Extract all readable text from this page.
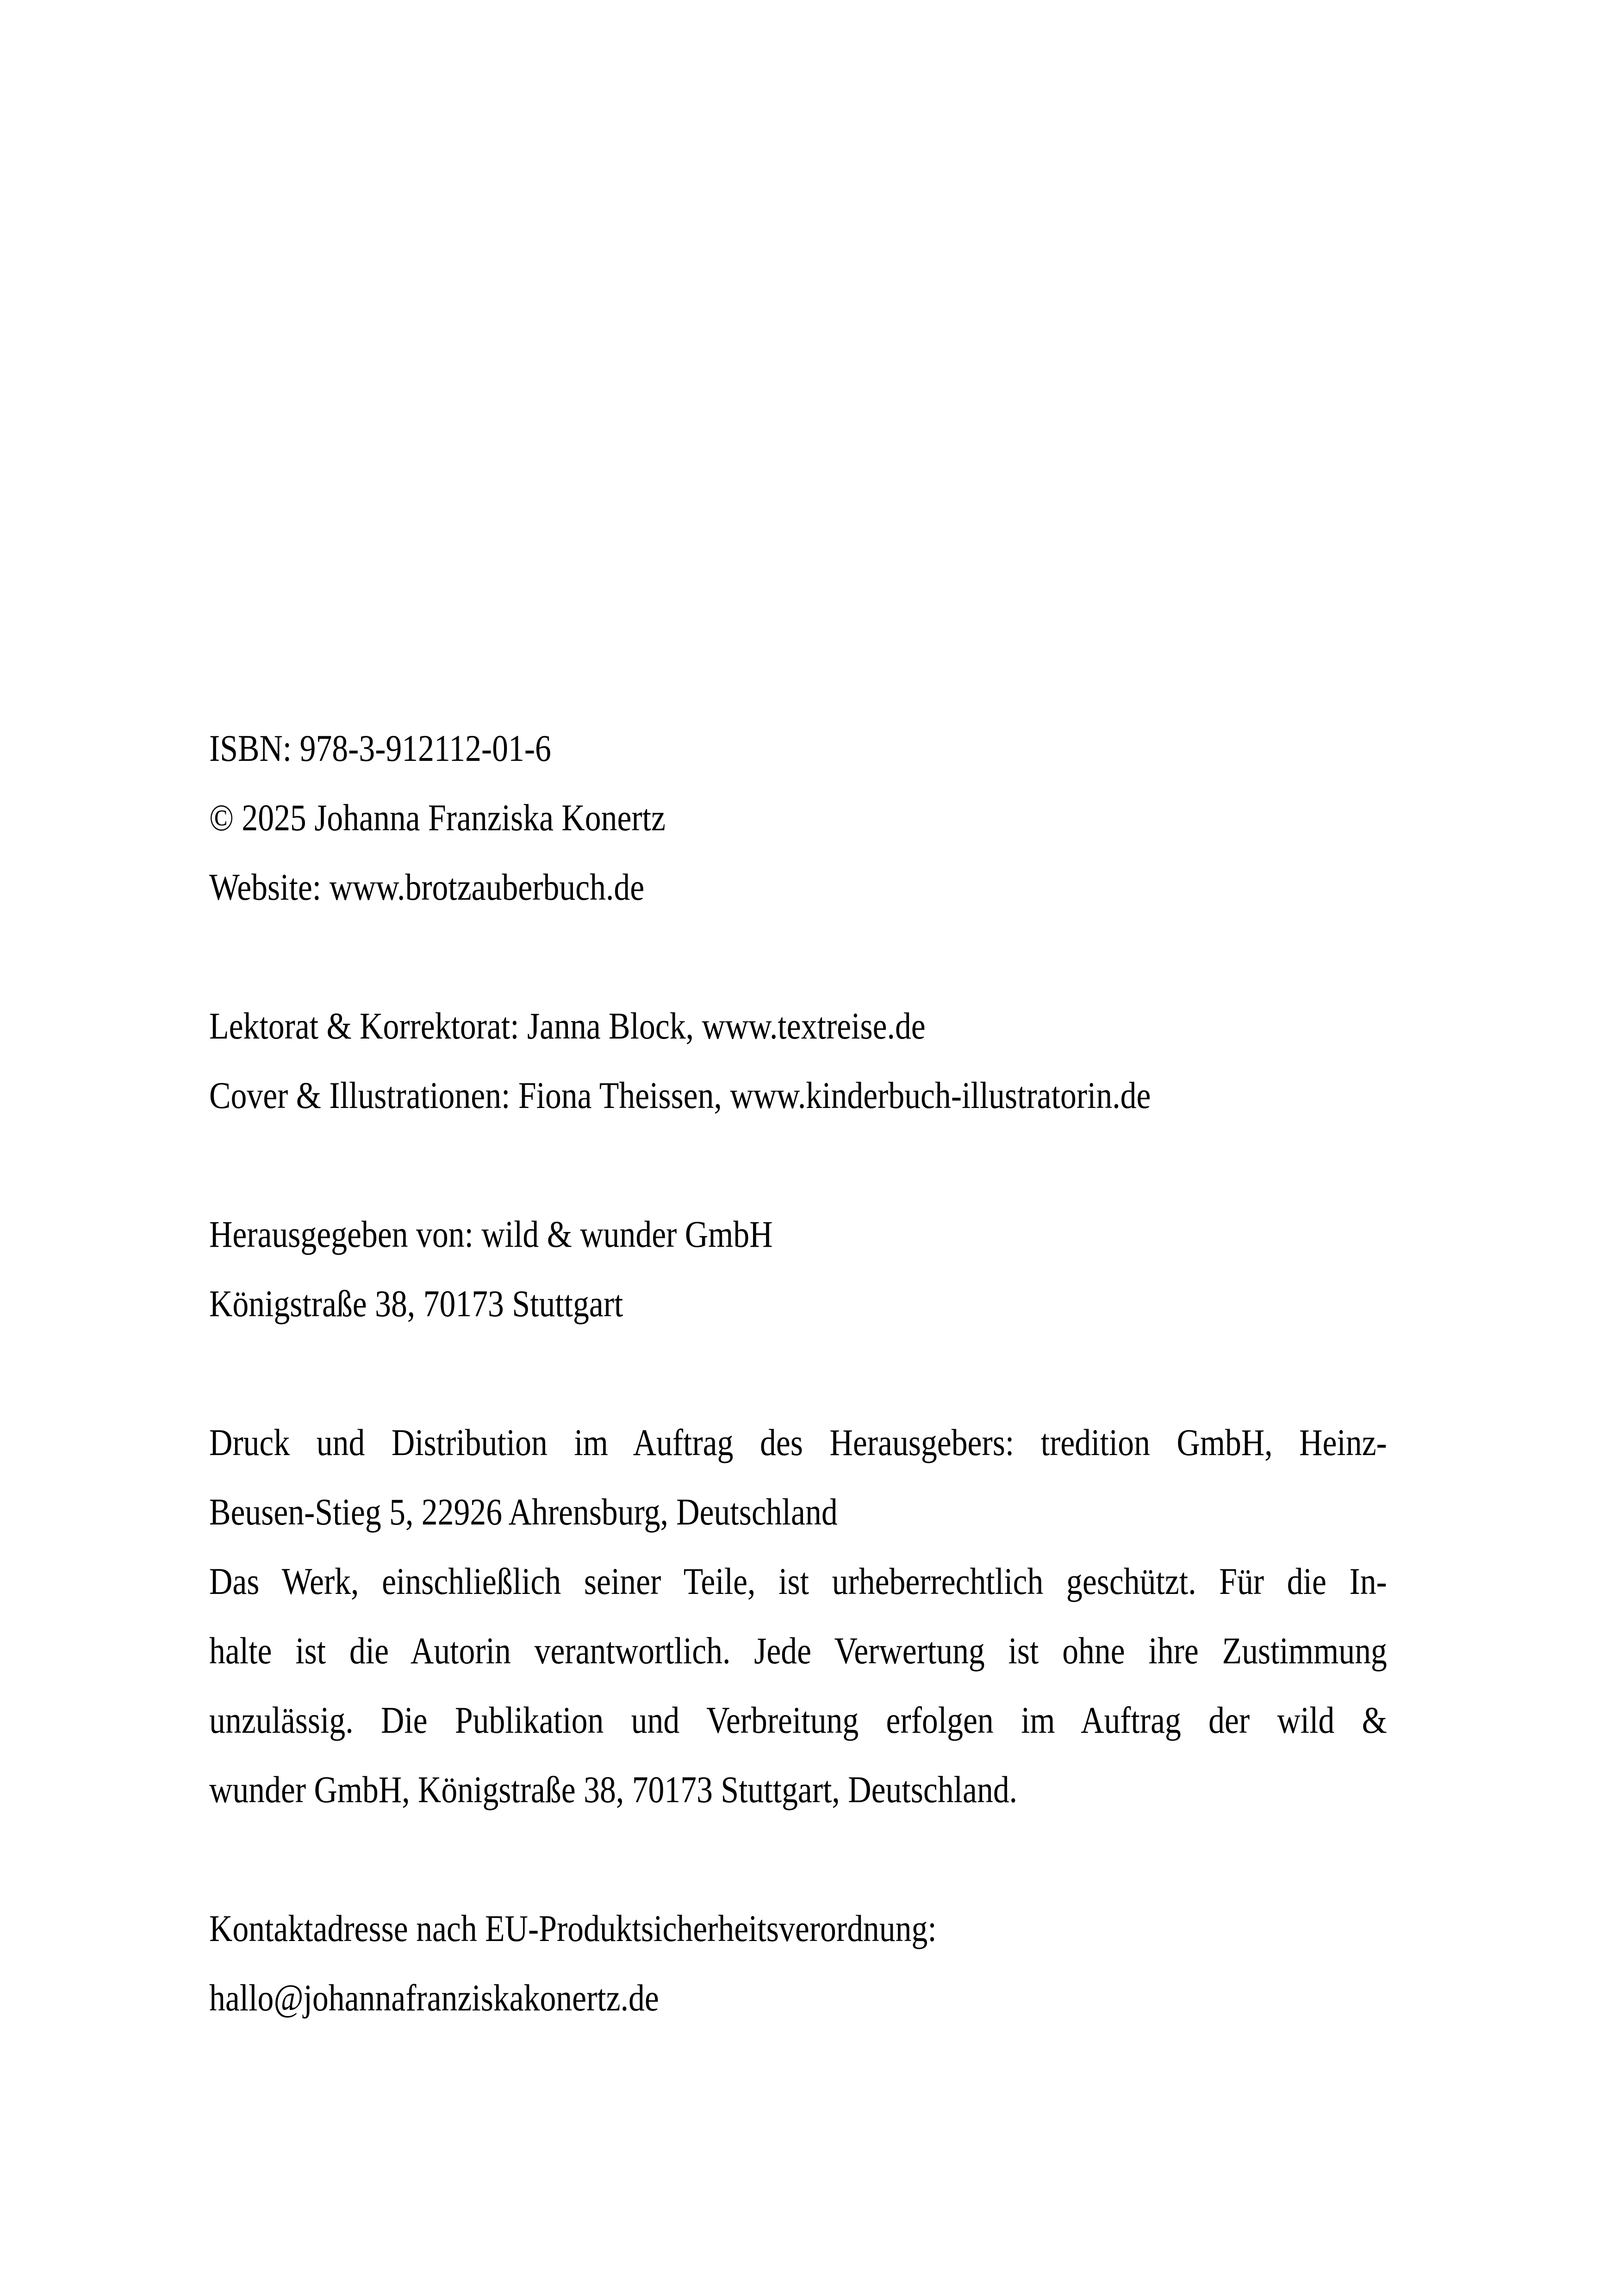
ISBN: 978-3-912112-01-6
© 2025 Johanna Franziska Konertz
Website: www.brotzauberbuch.de
Lektorat & Korrektorat: Janna Block, www.textreise.de
Cover & Illustrationen: Fiona Theissen, www.kinderbuch-illustratorin.de
Herausgegeben von: wild & wunder GmbH
Königstraße 38, 70173 Stuttgart
Druck und Distribution im Auftrag des Herausgebers: tredition GmbH, Heinz-
Beusen-Stieg 5, 22926 Ahrensburg, Deutschland
Das Werk, einschließlich seiner Teile, ist urheberrechtlich geschützt. Für die In-
halte ist die Autorin verantwortlich. Jede Verwertung ist ohne ihre Zustimmung
unzulässig. Die Publikation und Verbreitung erfolgen im Auftrag der wild &
wunder GmbH, Königstraße 38, 70173 Stuttgart, Deutschland.
Kontaktadresse nach EU-Produktsicherheitsverordnung:
hallo@johannafranziskakonertz.de
